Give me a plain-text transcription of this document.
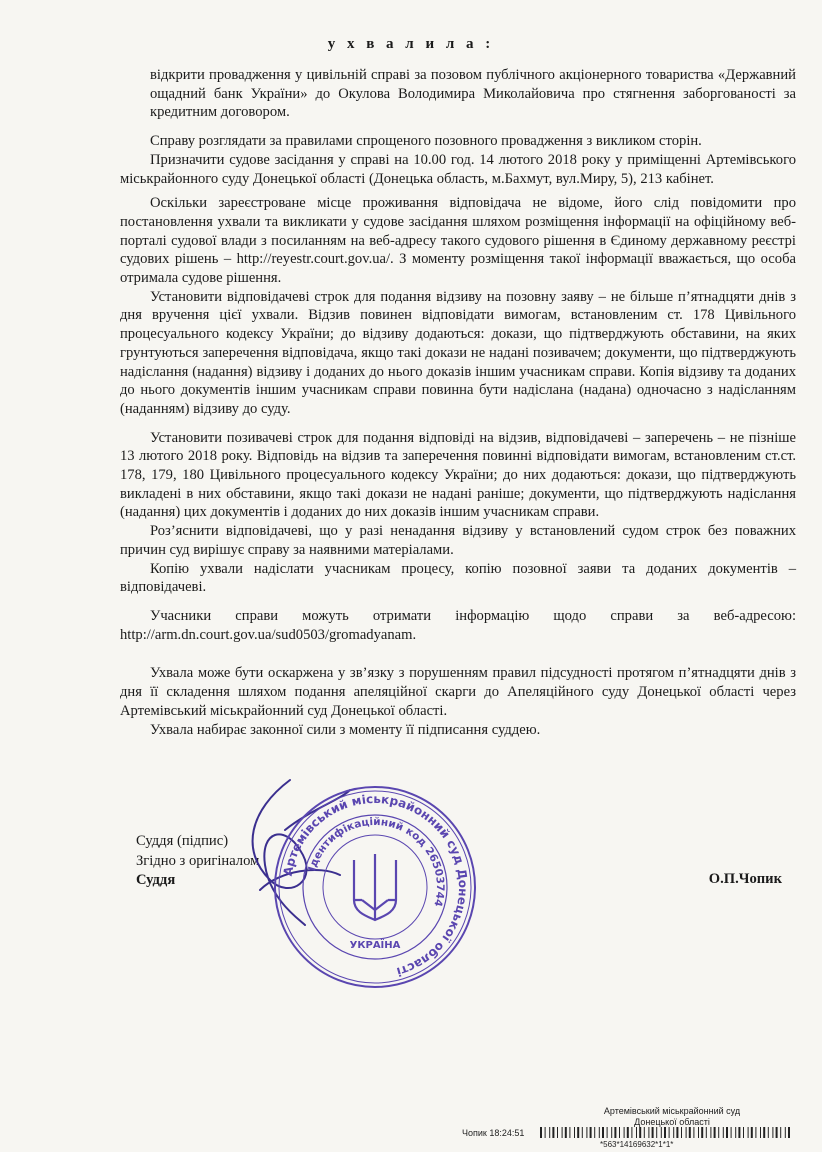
у х в а л и л а :

відкрити провадження у цивільній справі за позовом публічного акціонерного товариства «Державний ощадний банк України» до Окулова Володимира Миколайовича про стягнення заборгованості за кредитним договором.

Справу розглядати за правилами спрощеного позовного провадження з викликом сторін.

Призначити судове засідання у справі на 10.00 год. 14 лютого 2018 року у приміщенні Артемівського міськрайонного суду Донецької області (Донецька область, м.Бахмут, вул.Миру, 5), 213 кабінет.

Оскільки зареєстроване місце проживання відповідача не відоме, його слід повідомити про постановлення ухвали та викликати у судове засідання шляхом розміщення інформації на офіційному веб-порталі судової влади з посиланням на веб-адресу такого судового рішення в Єдиному державному реєстрі судових рішень – http://reyestr.court.gov.ua/. З моменту розміщення такої інформації вважається, що особа отримала судове рішення.

Установити відповідачеві строк для подання відзиву на позовну заяву – не більше п’ятнадцяти днів з дня вручення цієї ухвали. Відзив повинен відповідати вимогам, встановленим ст. 178 Цивільного процесуального кодексу України; до відзиву додаються: докази, що підтверджують обставини, на яких грунтуються заперечення відповідача, якщо такі докази не надані позивачем; документи, що підтверджують надіслання (надання) відзиву і доданих до нього доказів іншим учасникам справи. Копія відзиву та доданих до нього документів іншим учасникам справи повинна бути надіслана (надана) одночасно з надісланням (наданням) відзиву до суду.

Установити позивачеві строк для подання відповіді на відзив, відповідачеві – заперечень – не пізніше 13 лютого 2018 року. Відповідь на відзив та заперечення повинні відповідати вимогам, встановленим ст.ст. 178, 179, 180 Цивільного процесуального кодексу України; до них додаються: докази, що підтверджують викладені в них обставини, якщо такі докази не надані раніше; документи, що підтверджують надіслання (надання) цих документів і доданих до них доказів іншим учасникам справи.

Роз’яснити відповідачеві, що у разі ненадання відзиву у встановлений судом строк без поважних причин суд вирішує справу за наявними матеріалами.

Копію ухвали надіслати учасникам процесу, копію позовної заяви та доданих документів – відповідачеві.

Учасники справи можуть отримати інформацію щодо справи за веб-адресою: http://arm.dn.court.gov.ua/sud0503/gromadyanam.

Ухвала може бути оскаржена у зв’язку з порушенням правил підсудності протягом п’ятнадцяти днів з дня її складення шляхом подання апеляційної скарги до Апеляційного суду Донецької області через Артемівський міськрайонний суд Донецької області.

Ухвала набирає законної сили з моменту її підписання суддею.

Суддя (підпис)
Згідно з оригіналом
Суддя	О.П.Чопик
Артемівський міськрайонний суд Донецької області
Ідентифікаційний код 26503744
УКРАЇНА
Артемівський міськрайонний суд
Донецької області
Чопик 18:24:51
*563*14169632*1*1*
